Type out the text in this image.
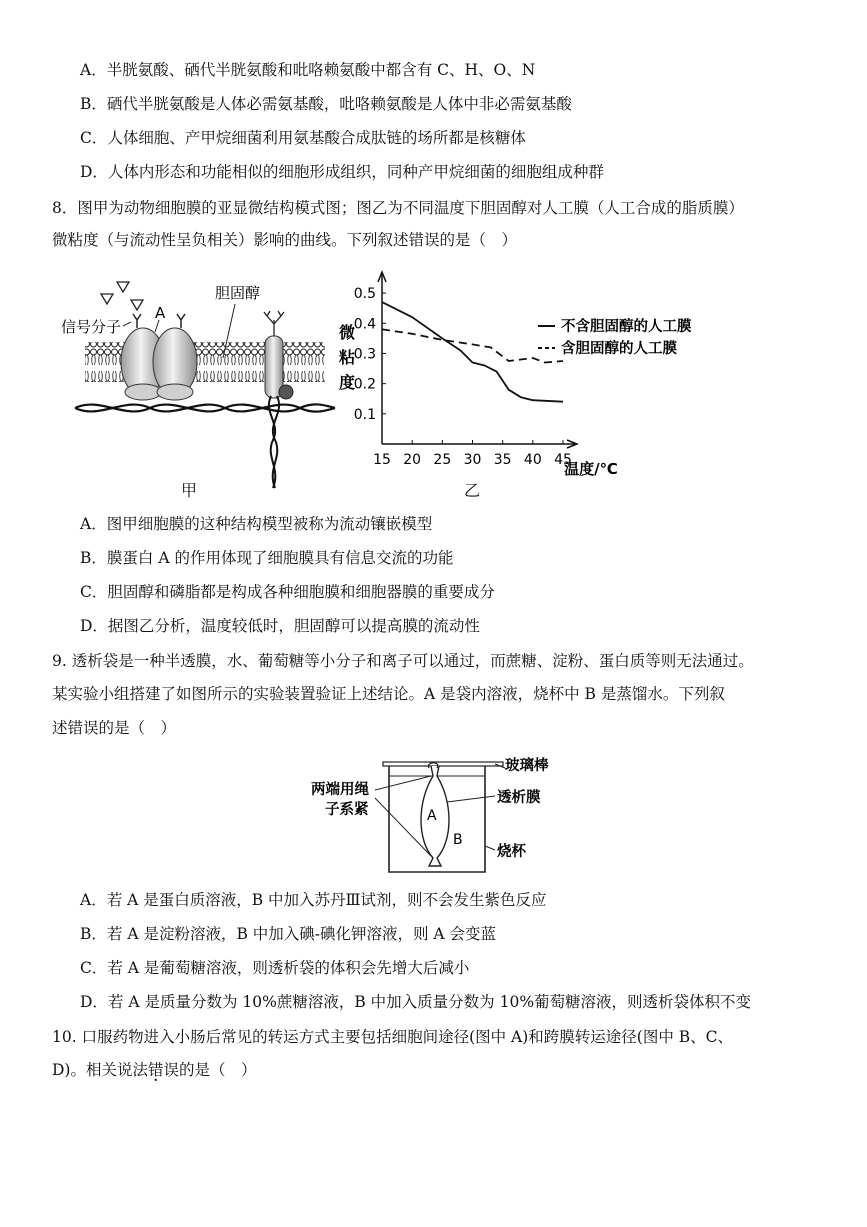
A．半胱氨酸、硒代半胱氨酸和吡咯赖氨酸中都含有 C、H、O、N
B．硒代半胱氨酸是人体必需氨基酸，吡咯赖氨酸是人体中非必需氨基酸
C．人体细胞、产甲烷细菌利用氨基酸合成肽链的场所都是核糖体
D．人体内形态和功能相似的细胞形成组织，同种产甲烷细菌的细胞组成种群
8．图甲为动物细胞膜的亚显微结构模式图；图乙为不同温度下胆固醇对人工膜（人工合成的脂质膜）
微粘度（与流动性呈负相关）影响的曲线。下列叙述错误的是（　）
信号分子
A
胆固醇
甲
15 20 25 30 35 40 45
0.1
0.2
0.3
0.4
0.5
微粘度
温度/℃
不含胆固醇的人工膜
含胆固醇的人工膜
乙
A．图甲细胞膜的这种结构模型被称为流动镶嵌模型
B．膜蛋白 A 的作用体现了细胞膜具有信息交流的功能
C．胆固醇和磷脂都是构成各种细胞膜和细胞器膜的重要成分
D．据图乙分析，温度较低时，胆固醇可以提高膜的流动性
9. 透析袋是一种半透膜，水、葡萄糖等小分子和离子可以通过，而蔗糖、淀粉、蛋白质等则无法通过。
某实验小组搭建了如图所示的实验装置验证上述结论。A 是袋内溶液，烧杯中 B 是蒸馏水。下列叙
述错误的是（　）
玻璃棒
两端用绳
子系紧
透析膜
A
B
烧杯
A．若 A 是蛋白质溶液，B 中加入苏丹Ⅲ试剂，则不会发生紫色反应
B．若 A 是淀粉溶液，B 中加入碘-碘化钾溶液，则 A 会变蓝
C．若 A 是葡萄糖溶液，则透析袋的体积会先增大后减小
D．若 A 是质量分数为 10%蔗糖溶液，B 中加入质量分数为 10%葡萄糖溶液，则透析袋体积不变
10. 口服药物进入小肠后常见的转运方式主要包括细胞间途径(图中 A)和跨膜转运途径(图中 B、C、
D)。相关说法错误的是（　）
